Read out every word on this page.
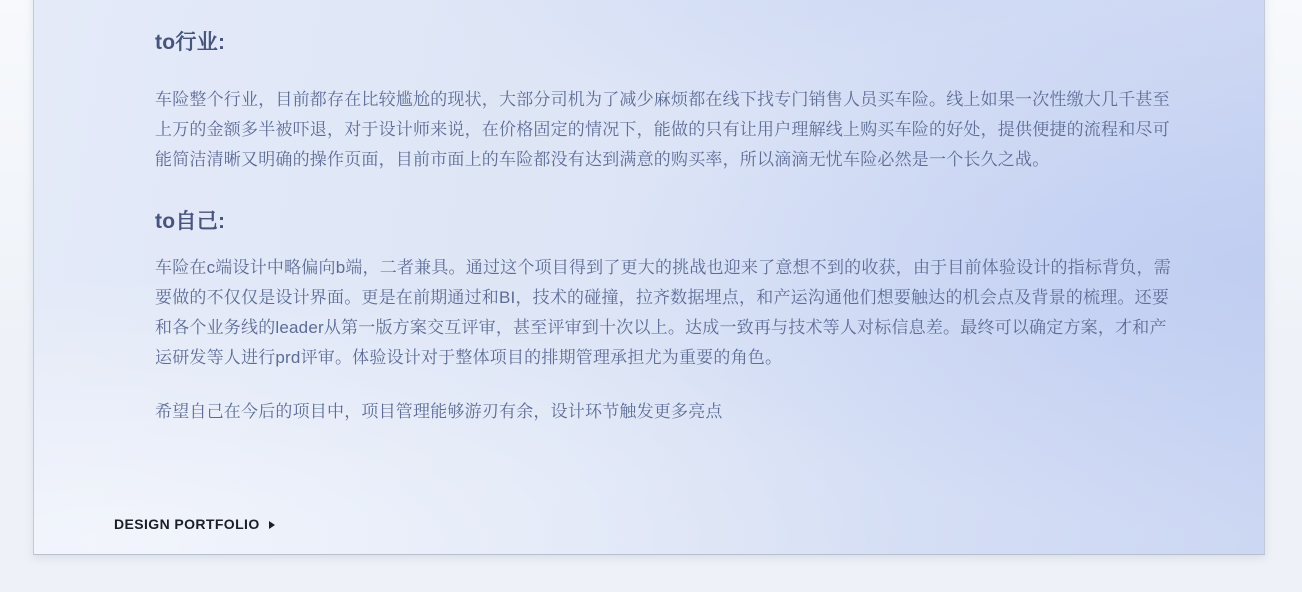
to行业:

车险整个行业，目前都存在比较尴尬的现状，大部分司机为了减少麻烦都在线下找专门销售人员买车险。线上如果一次性缴大几千甚至上万的金额多半被吓退，对于设计师来说，在价格固定的情况下，能做的只有让用户理解线上购买车险的好处，提供便捷的流程和尽可能简洁清晰又明确的操作页面，目前市面上的车险都没有达到满意的购买率，所以滴滴无忧车险必然是一个长久之战。

to自己:

车险在c端设计中略偏向b端，二者兼具。通过这个项目得到了更大的挑战也迎来了意想不到的收获，由于目前体验设计的指标背负，需要做的不仅仅是设计界面。更是在前期通过和BI，技术的碰撞，拉齐数据埋点，和产运沟通他们想要触达的机会点及背景的梳理。还要和各个业务线的leader从第一版方案交互评审，甚至评审到十次以上。达成一致再与技术等人对标信息差。最终可以确定方案，才和产运研发等人进行prd评审。体验设计对于整体项目的排期管理承担尤为重要的角色。

希望自己在今后的项目中，项目管理能够游刃有余，设计环节触发更多亮点

DESIGN PORTFOLIO
